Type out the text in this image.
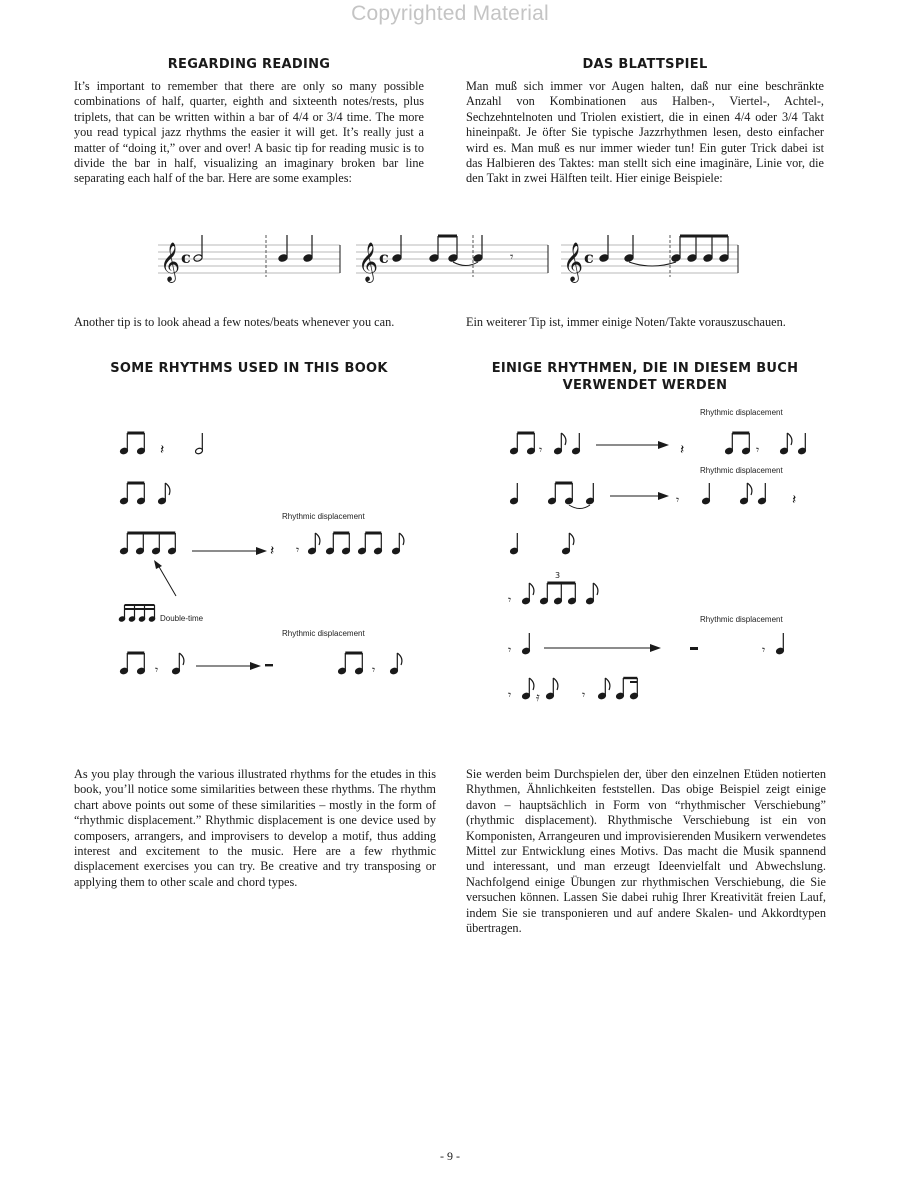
Copyrighted Material
REGARDING READING	DAS BLATTSPIEL

It’s important to remember that there are only so many possible combinations of half, quarter, eighth and sixteenth notes/rests, plus triplets, that can be written within a bar of 4/4 or 3/4 time. The more you read typical jazz rhythms the easier it will get. It’s really just a matter of “doing it,” over and over! A basic tip for reading music is to divide the bar in half, visualizing an imaginary broken bar line separating each half of the bar. Here are some examples:

Man muß sich immer vor Augen halten, daß nur eine beschränkte Anzahl von Kombinationen aus Halben-, Viertel-, Achtel-, Sechzehntelnoten und Triolen existiert, die in einen 4/4 oder 3/4 Takt hineinpaßt. Je öfter Sie typische Jazzrhythmen lesen, desto einfacher wird es. Man muß es nur immer wieder tun! Ein guter Trick dabei ist das Halbieren des Taktes: man stellt sich eine imaginäre, Linie vor, die den Takt in zwei Hälften teilt. Hier einige Beispiele:

𝄞	𝄞	𝄞
c	c	c
𝄾

Another tip is to look ahead a few notes/beats whenever you can.	Ein weiterer Tip ist, immer einige Noten/Takte vorauszuschauen.

SOME RHYTHMS USED IN THIS BOOK	EINIGE RHYTHMEN, DIE IN DIESEM BUCH
VERWENDET WERDEN
𝄽
𝄽 𝄾
𝄾	𝄾
Rhythmic displacement
Double-time
Rhythmic displacement
𝄾	𝄽	𝄾
𝄾	𝄽
𝄾
3
𝄾	𝄾
𝄾 𝄿	𝄾
Rhythmic displacement
Rhythmic displacement
Rhythmic displacement

As you play through the various illustrated rhythms for the etudes in this book, you’ll notice some similarities between these rhythms. The rhythm chart above points out some of these similarities – mostly in the form of “rhythmic displacement.” Rhythmic displacement is one device used by composers, arrangers, and improvisers to develop a motif, thus adding interest and excitement to the music. Here are a few rhythmic displacement exercises you can try. Be creative and try transposing or applying them to other scale and chord types.

Sie werden beim Durchspielen der, über den einzelnen Etüden notierten Rhythmen, Ähnlichkeiten feststellen. Das obige Beispiel zeigt einige davon – hauptsächlich in Form von “rhythmischer Verschiebung” (rhythmic displacement). Rhythmische Verschiebung ist ein von Komponisten, Arrangeuren und improvisierenden Musikern verwendetes Mittel zur Entwicklung eines Motivs. Das macht die Musik spannend und interessant, und man erzeugt Ideenvielfalt und Abwechslung. Nachfolgend einige Übungen zur rhythmischen Verschiebung, die Sie versuchen können. Lassen Sie dabei ruhig Ihrer Kreativität freien Lauf, indem Sie sie transponieren und auf andere Skalen- und Akkordtypen übertragen.

- 9 -
